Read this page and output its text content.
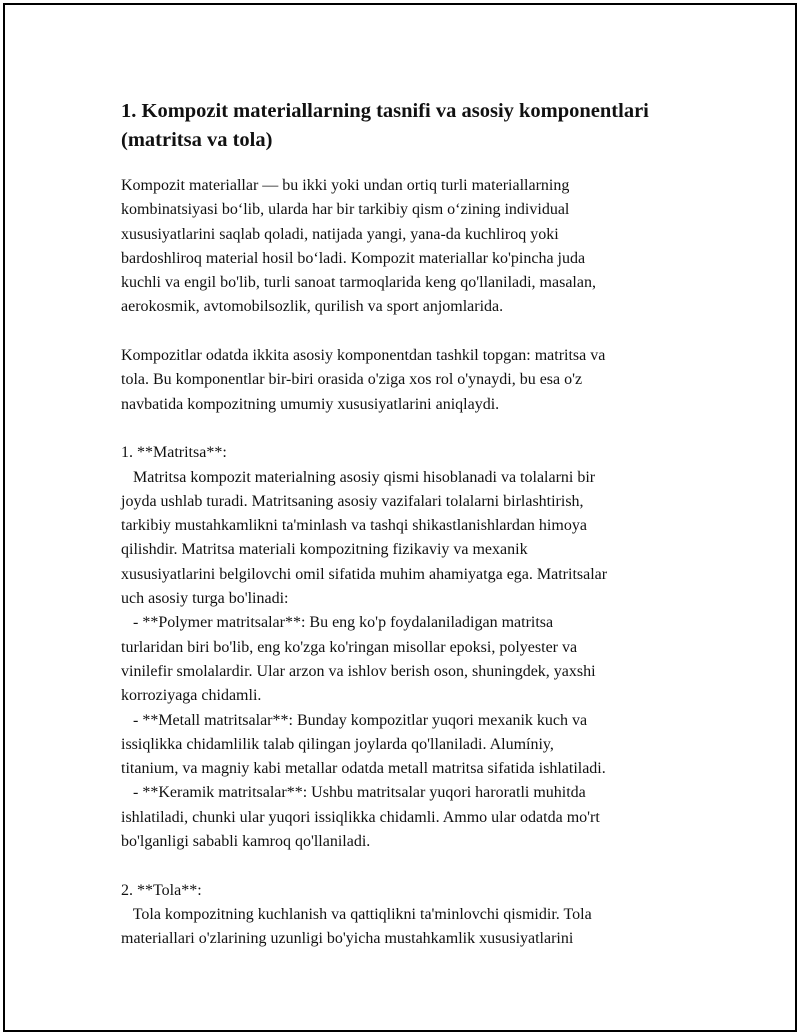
1. Kompozit materiallarning tasnifi va asosiy komponentlari
(matritsa va tola)
Kompozit materiallar — bu ikki yoki undan ortiq turli materiallarning
kombinatsiyasi bo‘lib, ularda har bir tarkibiy qism o‘zining individual
xususiyatlarini saqlab qoladi, natijada yangi, yana-da kuchliroq yoki
bardoshliroq material hosil bo‘ladi. Kompozit materiallar ko'pincha juda
kuchli va engil bo'lib, turli sanoat tarmoqlarida keng qo'llaniladi, masalan,
aerokosmik, avtomobilsozlik, qurilish va sport anjomlarida.
Kompozitlar odatda ikkita asosiy komponentdan tashkil topgan: matritsa va
tola. Bu komponentlar bir-biri orasida o'ziga xos rol o'ynaydi, bu esa o'z
navbatida kompozitning umumiy xususiyatlarini aniqlaydi.
1. **Matritsa**:
Matritsa kompozit materialning asosiy qismi hisoblanadi va tolalarni bir
joyda ushlab turadi. Matritsaning asosiy vazifalari tolalarni birlashtirish,
tarkibiy mustahkamlikni ta'minlash va tashqi shikastlanishlardan himoya
qilishdir. Matritsa materiali kompozitning fizikaviy va mexanik
xususiyatlarini belgilovchi omil sifatida muhim ahamiyatga ega. Matritsalar
uch asosiy turga bo'linadi:
- **Polymer matritsalar**: Bu eng ko'p foydalaniladigan matritsa
turlaridan biri bo'lib, eng ko'zga ko'ringan misollar epoksi, polyester va
vinilefir smolalardir. Ular arzon va ishlov berish oson, shuningdek, yaxshi
korroziyaga chidamli.
- **Metall matritsalar**: Bunday kompozitlar yuqori mexanik kuch va
issiqlikka chidamlilik talab qilingan joylarda qo'llaniladi. Alumíniy,
titanium, va magniy kabi metallar odatda metall matritsa sifatida ishlatiladi.
- **Keramik matritsalar**: Ushbu matritsalar yuqori haroratli muhitda
ishlatiladi, chunki ular yuqori issiqlikka chidamli. Ammo ular odatda mo'rt
bo'lganligi sababli kamroq qo'llaniladi.
2. **Tola**:
Tola kompozitning kuchlanish va qattiqlikni ta'minlovchi qismidir. Tola
materiallari o'zlarining uzunligi bo'yicha mustahkamlik xususiyatlarini
